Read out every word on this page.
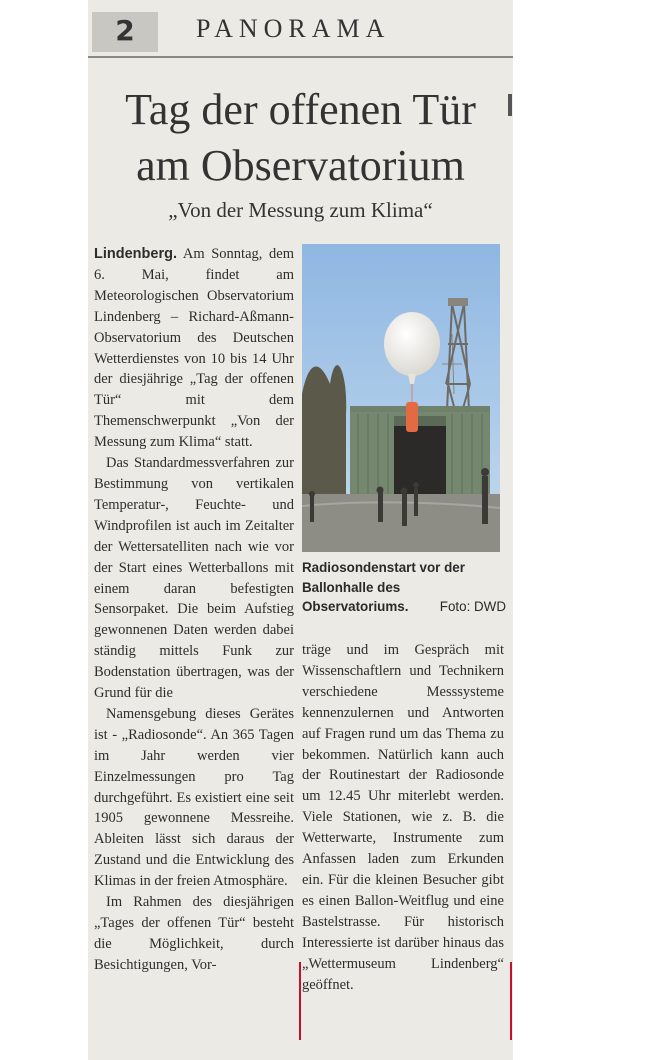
2	PANORAMA
Tag der offenen Tür
am Observatorium
„Von der Messung zum Klima“

Lindenberg. Am Sonntag, dem 6. Mai, findet am Meteorologischen Observatorium Lindenberg – Richard-Aßmann-Observatorium des Deutschen Wetterdienstes von 10 bis 14 Uhr der diesjährige „Tag der offenen Tür“ mit dem Themenschwerpunkt „Von der Messung zum Klima“ statt.

Das Standardmessverfahren zur Bestimmung von vertikalen Temperatur-, Feuchte- und Windprofilen ist auch im Zeitalter der Wettersatelliten nach wie vor der Start eines Wetterballons mit einem daran befestigten Sensorpaket. Die beim Aufstieg gewonnenen Daten werden dabei ständig mittels Funk zur Bodenstation übertragen, was der Grund für die

Namensgebung dieses Gerätes ist - „Radiosonde“. An 365 Tagen im Jahr werden vier Einzelmessungen pro Tag durchgeführt. Es existiert eine seit 1905 gewonnene Messreihe. Ableiten lässt sich daraus der Zustand und die Entwicklung des Klimas in der freien Atmosphäre.

Im Rahmen des diesjährigen „Tages der offenen Tür“ besteht die Möglichkeit, durch Besichtigungen, Vor-

Radiosondenstart vor der Ballonhalle des Observatoriums. Foto: DWD

träge und im Gespräch mit Wissenschaftlern und Technikern verschiedene Messsysteme kennenzulernen und Antworten auf Fragen rund um das Thema zu bekommen. Natürlich kann auch der Routinestart der Radiosonde um 12.45 Uhr miterlebt werden. Viele Stationen, wie z. B. die Wetterwarte, Instrumente zum Anfassen laden zum Erkunden ein. Für die kleinen Besucher gibt es einen Ballon-Weitflug und eine Bastelstrasse. Für historisch Interessierte ist darüber hinaus das „Wettermuseum Lindenberg“ geöffnet.
